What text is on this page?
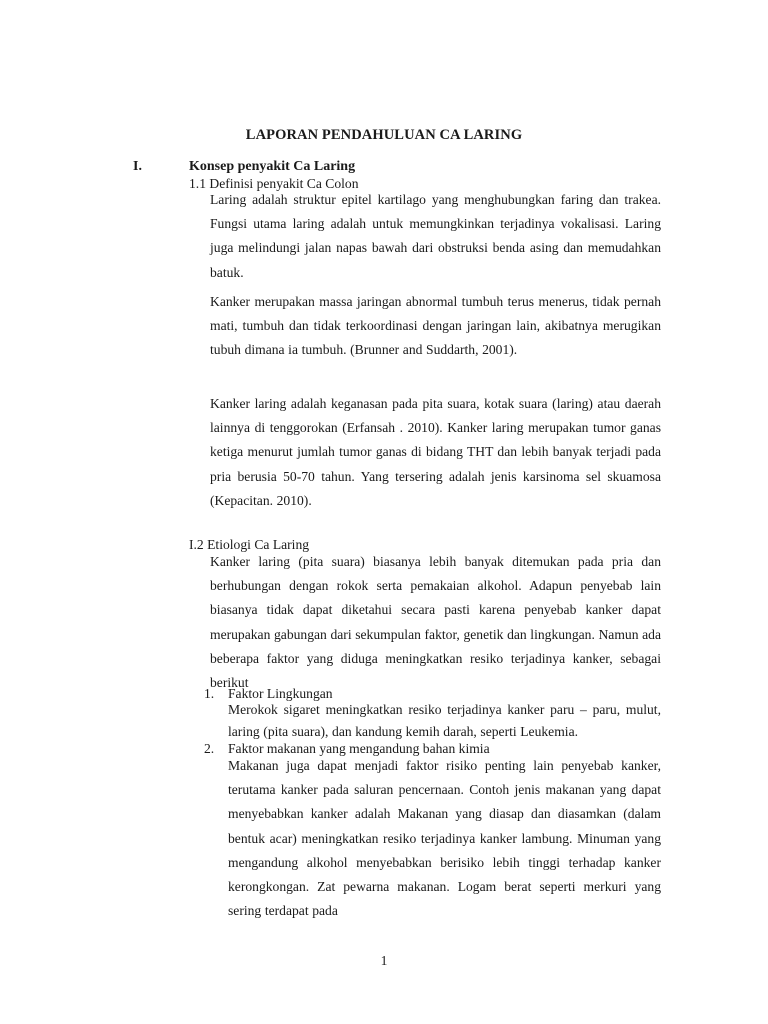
LAPORAN PENDAHULUAN CA LARING
I.	Konsep penyakit Ca Laring
1.1 Definisi penyakit Ca Colon
Laring adalah struktur epitel kartilago yang menghubungkan faring dan trakea. Fungsi utama laring adalah untuk memungkinkan terjadinya vokalisasi. Laring juga melindungi jalan napas bawah dari obstruksi benda asing dan memudahkan batuk.
Kanker merupakan massa jaringan abnormal tumbuh terus menerus, tidak pernah mati, tumbuh dan tidak terkoordinasi dengan jaringan lain, akibatnya merugikan tubuh dimana ia tumbuh. (Brunner and Suddarth, 2001).
Kanker laring adalah keganasan pada pita suara, kotak suara (laring) atau daerah lainnya di tenggorokan (Erfansah . 2010). Kanker laring merupakan tumor ganas ketiga menurut jumlah tumor ganas di bidang THT dan lebih banyak terjadi pada pria berusia 50-70 tahun. Yang tersering adalah jenis karsinoma sel skuamosa (Kepacitan. 2010).
I.2 Etiologi Ca Laring
Kanker laring (pita suara) biasanya lebih banyak ditemukan pada pria dan berhubungan dengan rokok serta pemakaian alkohol. Adapun penyebab lain biasanya tidak dapat diketahui secara pasti karena penyebab kanker dapat merupakan gabungan dari sekumpulan faktor, genetik dan lingkungan. Namun ada beberapa faktor yang diduga meningkatkan resiko terjadinya kanker, sebagai berikut
1. Faktor Lingkungan
Merokok sigaret meningkatkan resiko terjadinya kanker paru – paru, mulut, laring (pita suara), dan kandung kemih darah, seperti Leukemia.
2. Faktor makanan yang mengandung bahan kimia
Makanan juga dapat menjadi faktor risiko penting lain penyebab kanker, terutama kanker pada saluran pencernaan. Contoh jenis makanan yang dapat menyebabkan kanker adalah Makanan yang diasap dan diasamkan (dalam bentuk acar) meningkatkan resiko terjadinya kanker lambung. Minuman yang mengandung alkohol menyebabkan berisiko lebih tinggi terhadap kanker kerongkongan. Zat pewarna makanan. Logam berat seperti merkuri yang sering terdapat pada
1
